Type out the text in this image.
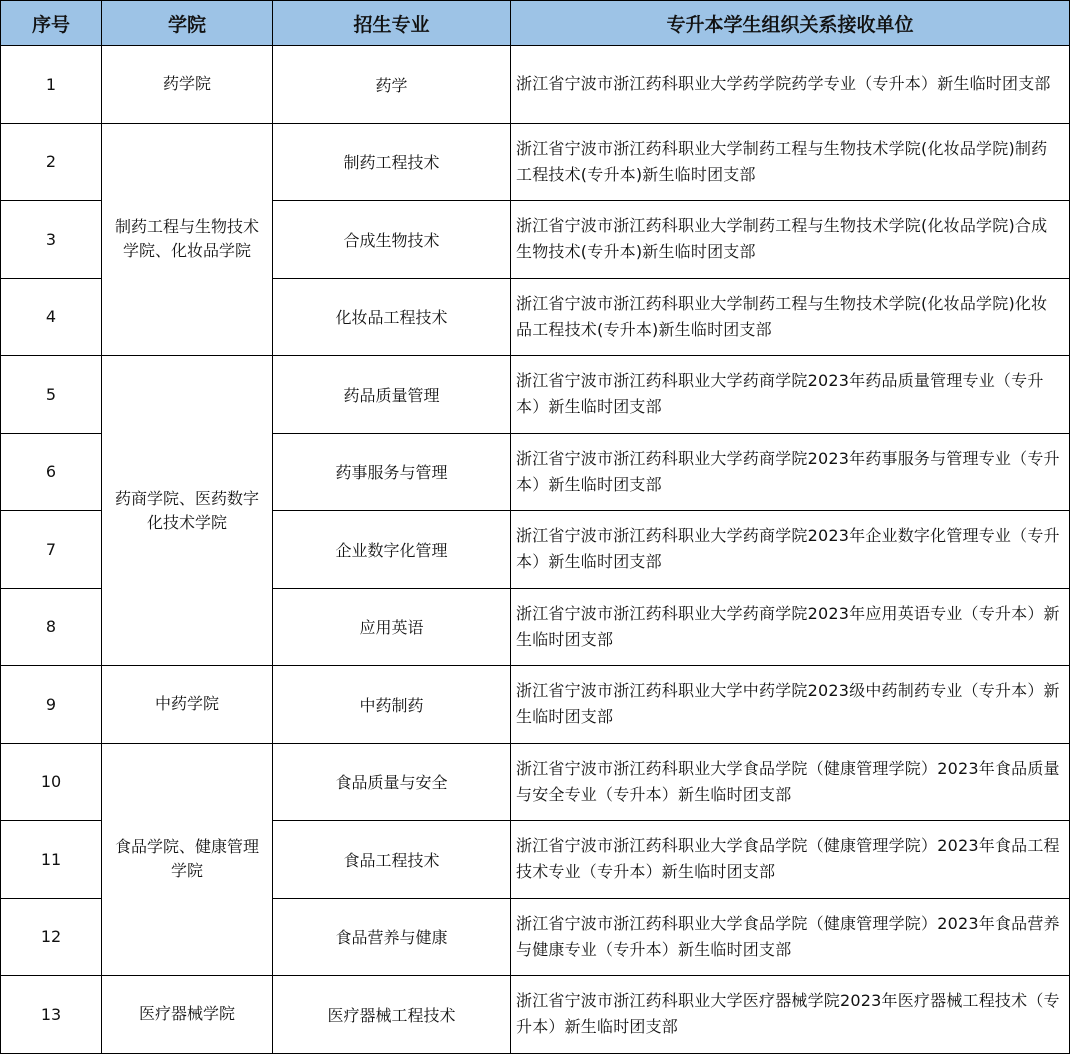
序号	学院	招生专业	专升本学生组织关系接收单位
1	药学院	药学	浙江省宁波市浙江药科职业大学药学院药学专业（专升本）新生临时团支部
2	制药工程与生物技术学院、化妆品学院	制药工程技术	浙江省宁波市浙江药科职业大学制药工程与生物技术学院(化妆品学院)制药工程技术(专升本)新生临时团支部
3		合成生物技术	浙江省宁波市浙江药科职业大学制药工程与生物技术学院(化妆品学院)合成生物技术(专升本)新生临时团支部
4		化妆品工程技术	浙江省宁波市浙江药科职业大学制药工程与生物技术学院(化妆品学院)化妆品工程技术(专升本)新生临时团支部
5	药商学院、医药数字化技术学院	药品质量管理	浙江省宁波市浙江药科职业大学药商学院2023年药品质量管理专业（专升本）新生临时团支部
6		药事服务与管理	浙江省宁波市浙江药科职业大学药商学院2023年药事服务与管理专业（专升本）新生临时团支部
7		企业数字化管理	浙江省宁波市浙江药科职业大学药商学院2023年企业数字化管理专业（专升本）新生临时团支部
8		应用英语	浙江省宁波市浙江药科职业大学药商学院2023年应用英语专业（专升本）新生临时团支部
9	中药学院	中药制药	浙江省宁波市浙江药科职业大学中药学院2023级中药制药专业（专升本）新生临时团支部
10	食品学院、健康管理学院	食品质量与安全	浙江省宁波市浙江药科职业大学食品学院（健康管理学院）2023年食品质量与安全专业（专升本）新生临时团支部
11		食品工程技术	浙江省宁波市浙江药科职业大学食品学院（健康管理学院）2023年食品工程技术专业（专升本）新生临时团支部
12		食品营养与健康	浙江省宁波市浙江药科职业大学食品学院（健康管理学院）2023年食品营养与健康专业（专升本）新生临时团支部
13	医疗器械学院	医疗器械工程技术	浙江省宁波市浙江药科职业大学医疗器械学院2023年医疗器械工程技术（专升本）新生临时团支部
